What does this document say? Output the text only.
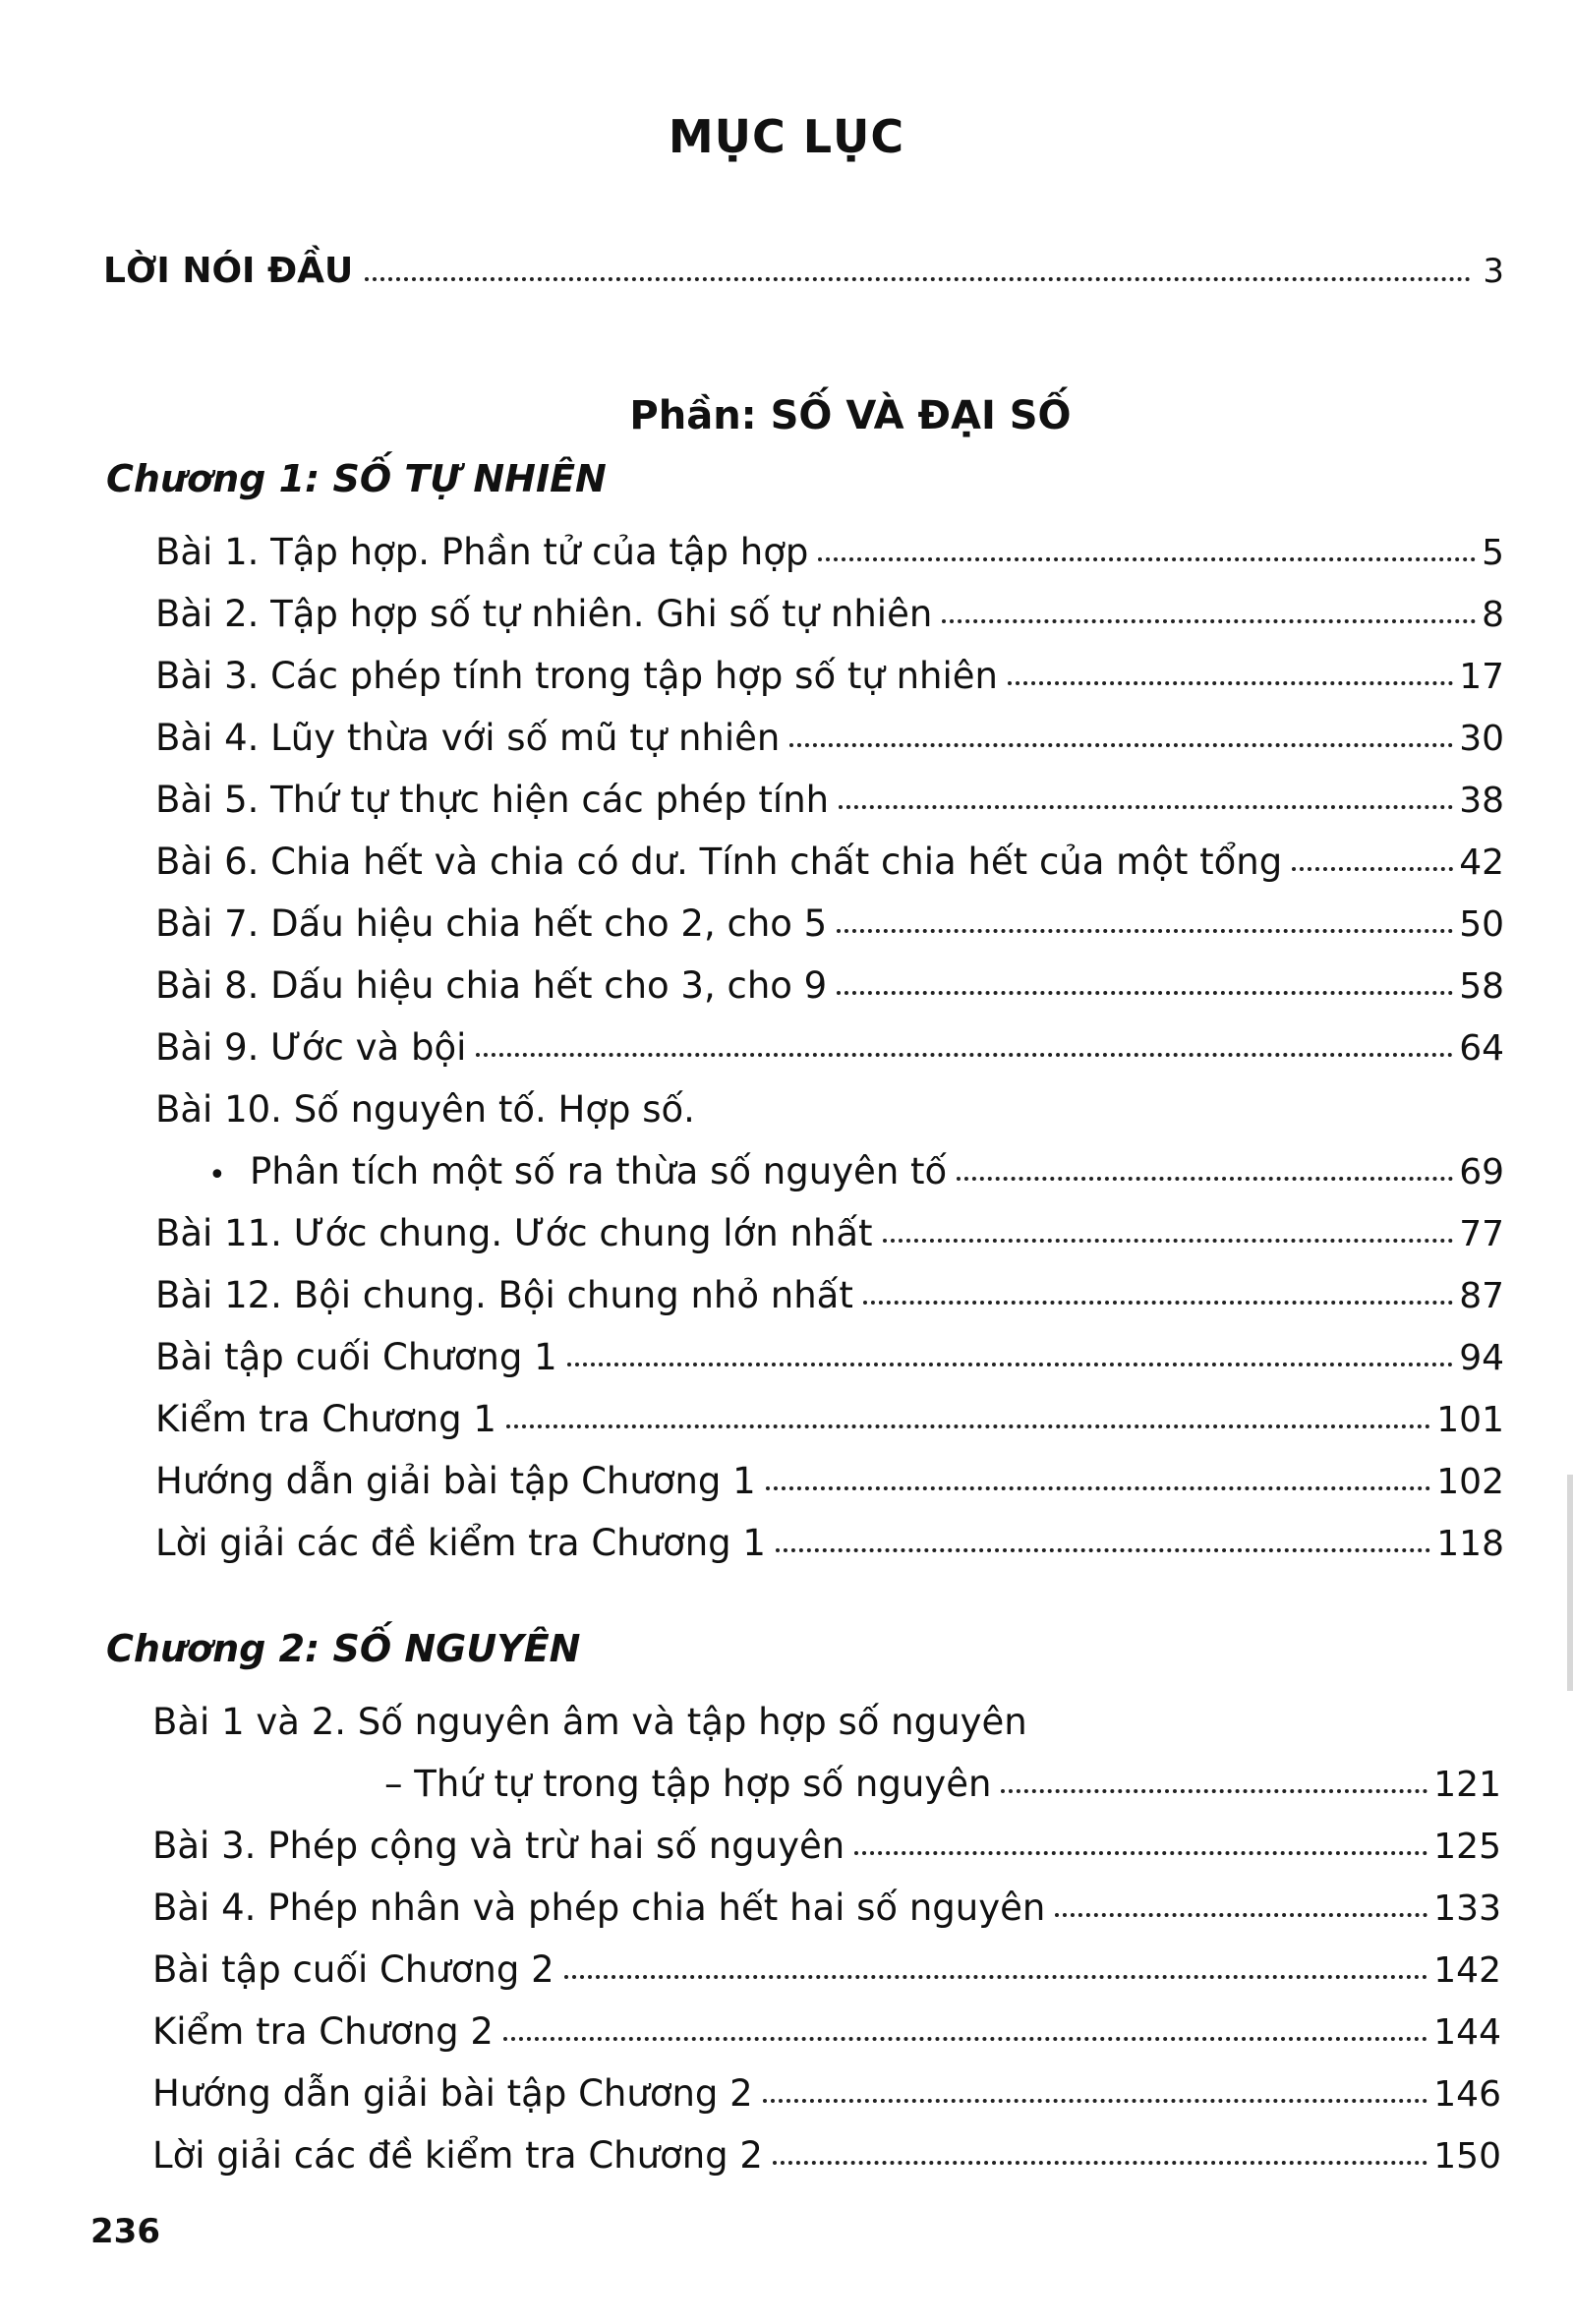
MỤC LỤC
LỜI NÓI ĐẦU	3
Phần: SỐ VÀ ĐẠI SỐ
Chương 1: SỐ TỰ NHIÊN
Bài 1. Tập hợp. Phần tử của tập hợp	5
Bài 2. Tập hợp số tự nhiên. Ghi số tự nhiên	8
Bài 3. Các phép tính trong tập hợp số tự nhiên	17
Bài 4. Lũy thừa với số mũ tự nhiên	30
Bài 5. Thứ tự thực hiện các phép tính	38
Bài 6. Chia hết và chia có dư. Tính chất chia hết của một tổng	42
Bài 7. Dấu hiệu chia hết cho 2, cho 5	50
Bài 8. Dấu hiệu chia hết cho 3, cho 9	58
Bài 9. Ước và bội	64
Bài 10. Số nguyên tố. Hợp số.
• Phân tích một số ra thừa số nguyên tố	69
Bài 11. Ước chung. Ước chung lớn nhất	77
Bài 12. Bội chung. Bội chung nhỏ nhất	87
Bài tập cuối Chương 1	94
Kiểm tra Chương 1	101
Hướng dẫn giải bài tập Chương 1	102
Lời giải các đề kiểm tra Chương 1	118
Chương 2: SỐ NGUYÊN
Bài 1 và 2. Số nguyên âm và tập hợp số nguyên
– Thứ tự trong tập hợp số nguyên	121
Bài 3. Phép cộng và trừ hai số nguyên	125
Bài 4. Phép nhân và phép chia hết hai số nguyên	133
Bài tập cuối Chương 2	142
Kiểm tra Chương 2	144
Hướng dẫn giải bài tập Chương 2	146
Lời giải các đề kiểm tra Chương 2	150
236
